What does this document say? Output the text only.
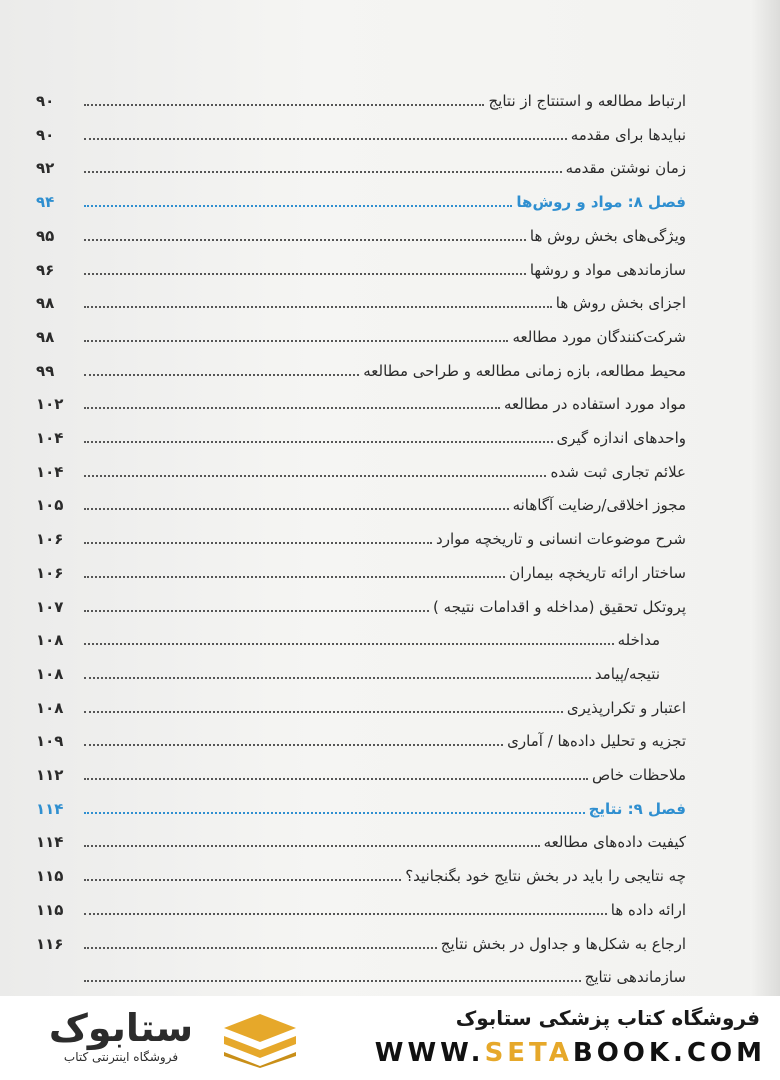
۹۰	ارتباط مطالعه و استنتاج از نتایج
۹۰	نبایدها برای مقدمه
۹۲	زمان نوشتن مقدمه
۹۴	فصل ۸: مواد و روش‌ها
۹۵	ویژگی‌های بخش روش ها
۹۶	سازماندهی مواد و روشها
۹۸	اجزای بخش روش ها
۹۸	شرکت‌کنندگان مورد مطالعه
۹۹	محیط مطالعه، بازه زمانی مطالعه و طراحی مطالعه
۱۰۲	مواد مورد استفاده در مطالعه
۱۰۴	واحدهای اندازه گیری
۱۰۴	علائم تجاری ثبت شده
۱۰۵	مجوز اخلاقی/رضایت آگاهانه
۱۰۶	شرح موضوعات انسانی و تاریخچه موارد
۱۰۶	ساختار ارائه تاریخچه بیماران
۱۰۷	پروتکل تحقیق (مداخله و اقدامات نتیجه )
۱۰۸	مداخله
۱۰۸	نتیجه/پیامد
۱۰۸	اعتبار و تکرارپذیری
۱۰۹	تجزیه و تحلیل داده‌ها / آماری
۱۱۲	ملاحظات خاص
۱۱۴	فصل ۹: نتایج
۱۱۴	کیفیت داده‌های مطالعه
۱۱۵	چه نتایجی را باید در بخش نتایج خود بگنجانید؟
۱۱۵	ارائه داده ها
۱۱۶	ارجاع به شکل‌ها و جداول در بخش نتایج
سازماندهی نتایج
ستابوک
فروشگاه اینترنتی کتاب
فروشگاه کتاب پزشکی ستابوک
WWW.SETABOOK.COM
